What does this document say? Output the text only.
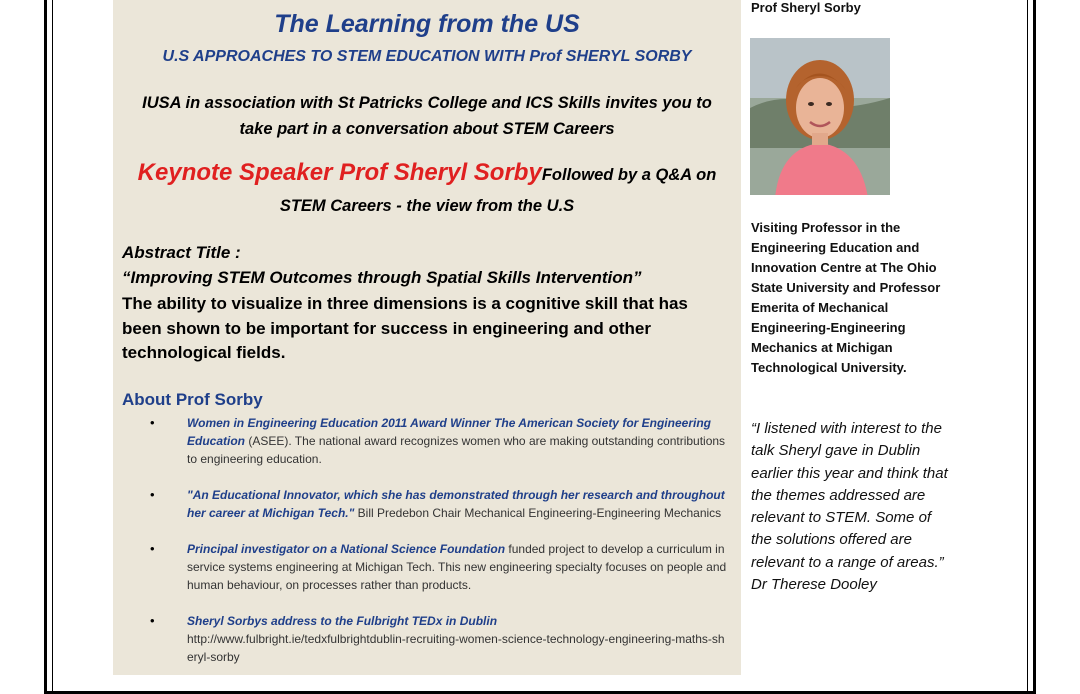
The Learning from the US
U.S APPROACHES TO STEM EDUCATION WITH Prof SHERYL SORBY
IUSA in association with St Patricks College and ICS Skills invites you to
take part in a conversation about STEM Careers
Keynote Speaker Prof Sheryl SorbyFollowed by a Q&A on
STEM Careers - the view from the U.S
Abstract Title :
“Improving STEM Outcomes through Spatial Skills Intervention”
The ability to visualize in three dimensions is a cognitive skill that has been shown to be important for success in engineering and other technological fields.
About Prof Sorby
•	Women in Engineering Education 2011 Award Winner The American Society for Engineering Education (ASEE). The national award recognizes women who are making outstanding contributions to engineering education.
•	"An Educational Innovator, which she has demonstrated through her research and throughout her career at Michigan Tech." Bill Predebon Chair Mechanical Engineering-Engineering Mechanics
•	Principal investigator on a National Science Foundation funded project to develop a curriculum in service systems engineering at Michigan Tech. This new engineering specialty focuses on people and human behaviour, on processes rather than products.
•	Sheryl Sorbys address to the Fulbright TEDx in Dublin
http://www.fulbright.ie/tedxfulbrightdublin-recruiting-women-science-technology-engineering-maths-sheryl-sorby
Prof Sheryl Sorby
Visiting Professor in the Engineering Education and Innovation Centre at The Ohio State University and Professor Emerita of Mechanical Engineering-Engineering Mechanics at Michigan Technological University.
“I listened with interest to the talk Sheryl gave in Dublin earlier this year and think that the themes addressed are relevant to STEM. Some of the solutions offered are relevant to a range of areas.” Dr Therese Dooley
